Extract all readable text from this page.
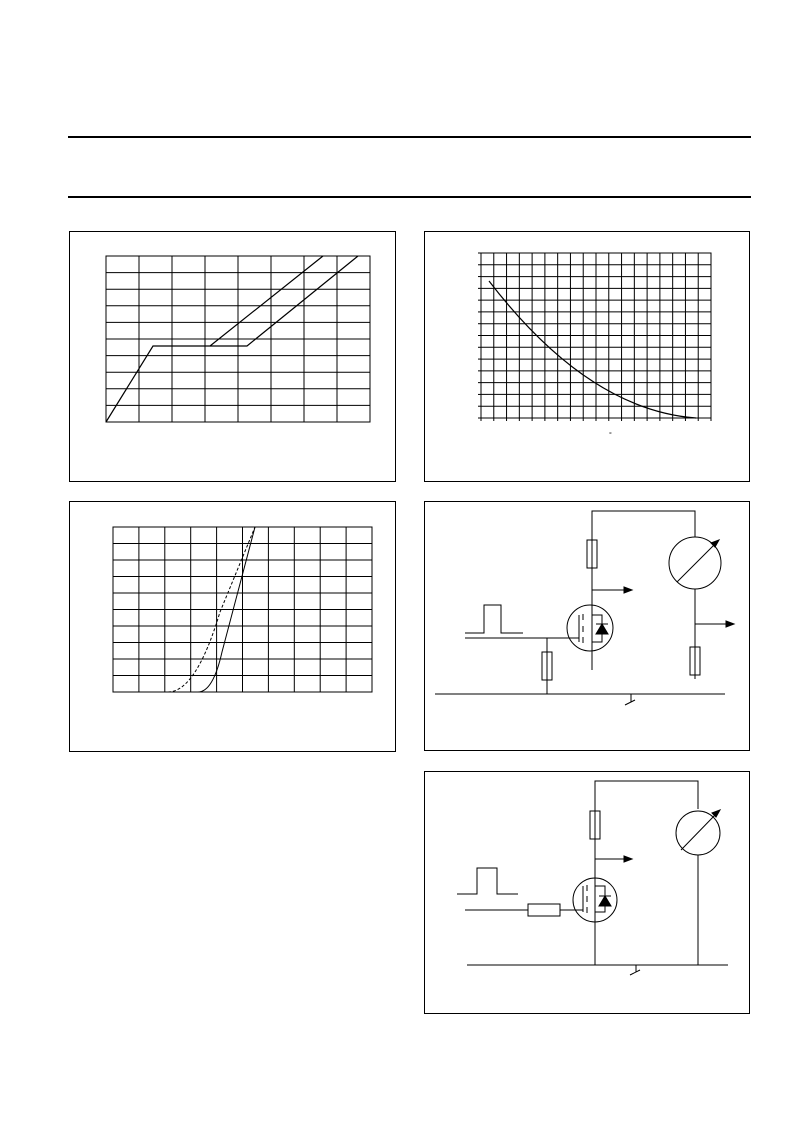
°
